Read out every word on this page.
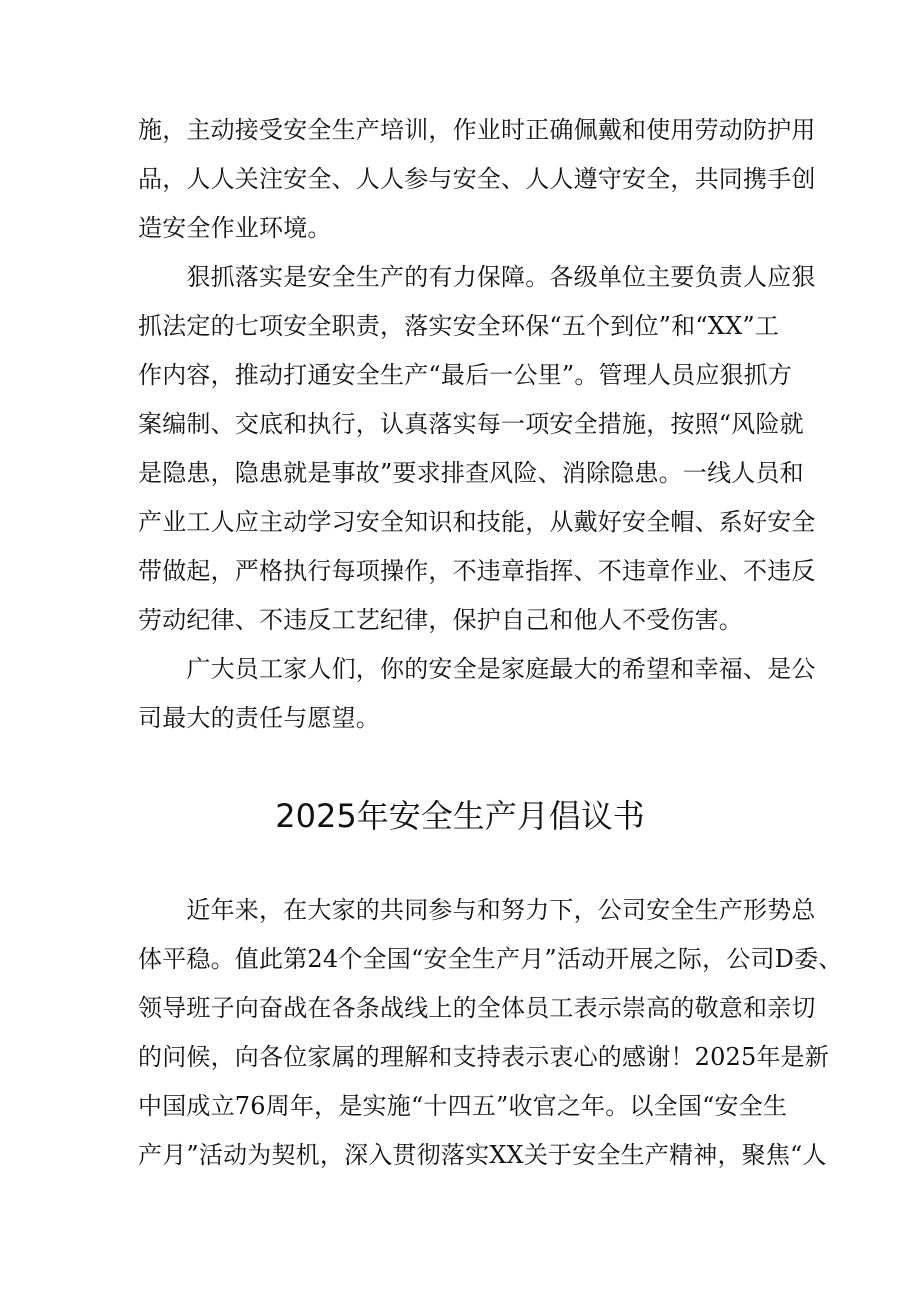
施，主动接受安全生产培训，作业时正确佩戴和使用劳动防护用
品，人人关注安全、人人参与安全、人人遵守安全，共同携手创
造安全作业环境。
　　狠抓落实是安全生产的有力保障。各级单位主要负责人应狠
抓法定的七项安全职责，落实安全环保“五个到位”和“XX”工
作内容，推动打通安全生产“最后一公里”。管理人员应狠抓方
案编制、交底和执行，认真落实每一项安全措施，按照“风险就
是隐患，隐患就是事故”要求排查风险、消除隐患。一线人员和
产业工人应主动学习安全知识和技能，从戴好安全帽、系好安全
带做起，严格执行每项操作，不违章指挥、不违章作业、不违反
劳动纪律、不违反工艺纪律，保护自己和他人不受伤害。
　　广大员工家人们，你的安全是家庭最大的希望和幸福、是公
司最大的责任与愿望。
2025年安全生产月倡议书
　　近年来，在大家的共同参与和努力下，公司安全生产形势总
体平稳。值此第24个全国“安全生产月”活动开展之际，公司D委、
领导班子向奋战在各条战线上的全体员工表示崇高的敬意和亲切
的问候，向各位家属的理解和支持表示衷心的感谢！2025年是新
中国成立76周年，是实施“十四五”收官之年。以全国“安全生
产月”活动为契机，深入贯彻落实XX关于安全生产精神，聚焦“人
